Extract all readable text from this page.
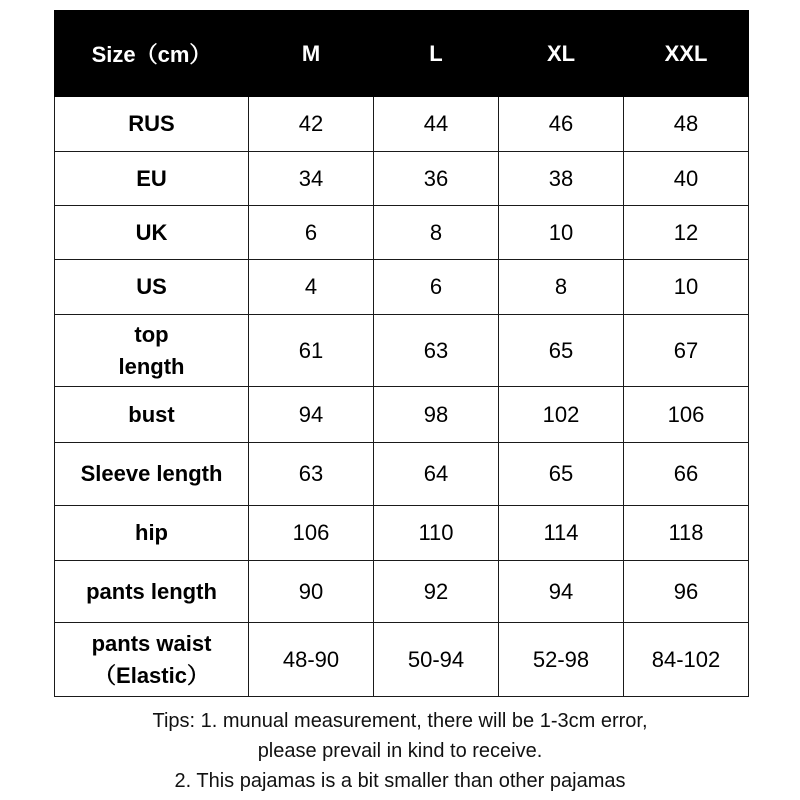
Size（cm）	M	L	XL	XXL

RUS	42	44	46	48

EU	34	36	38	40

UK	6	8	10	12

US	4	6	8	10

top
length	61	63	65	67

bust	94	98	102	106

Sleeve length	63	64	65	66

hip	106	110	114	118

pants length	90	92	94	96

pants waist
（Elastic）	48-90	50-94	52-98	84-102
Tips: 1. munual measurement, there will be 1-3cm error,
please prevail in kind to receive.
2. This pajamas is a bit smaller than other pajamas
